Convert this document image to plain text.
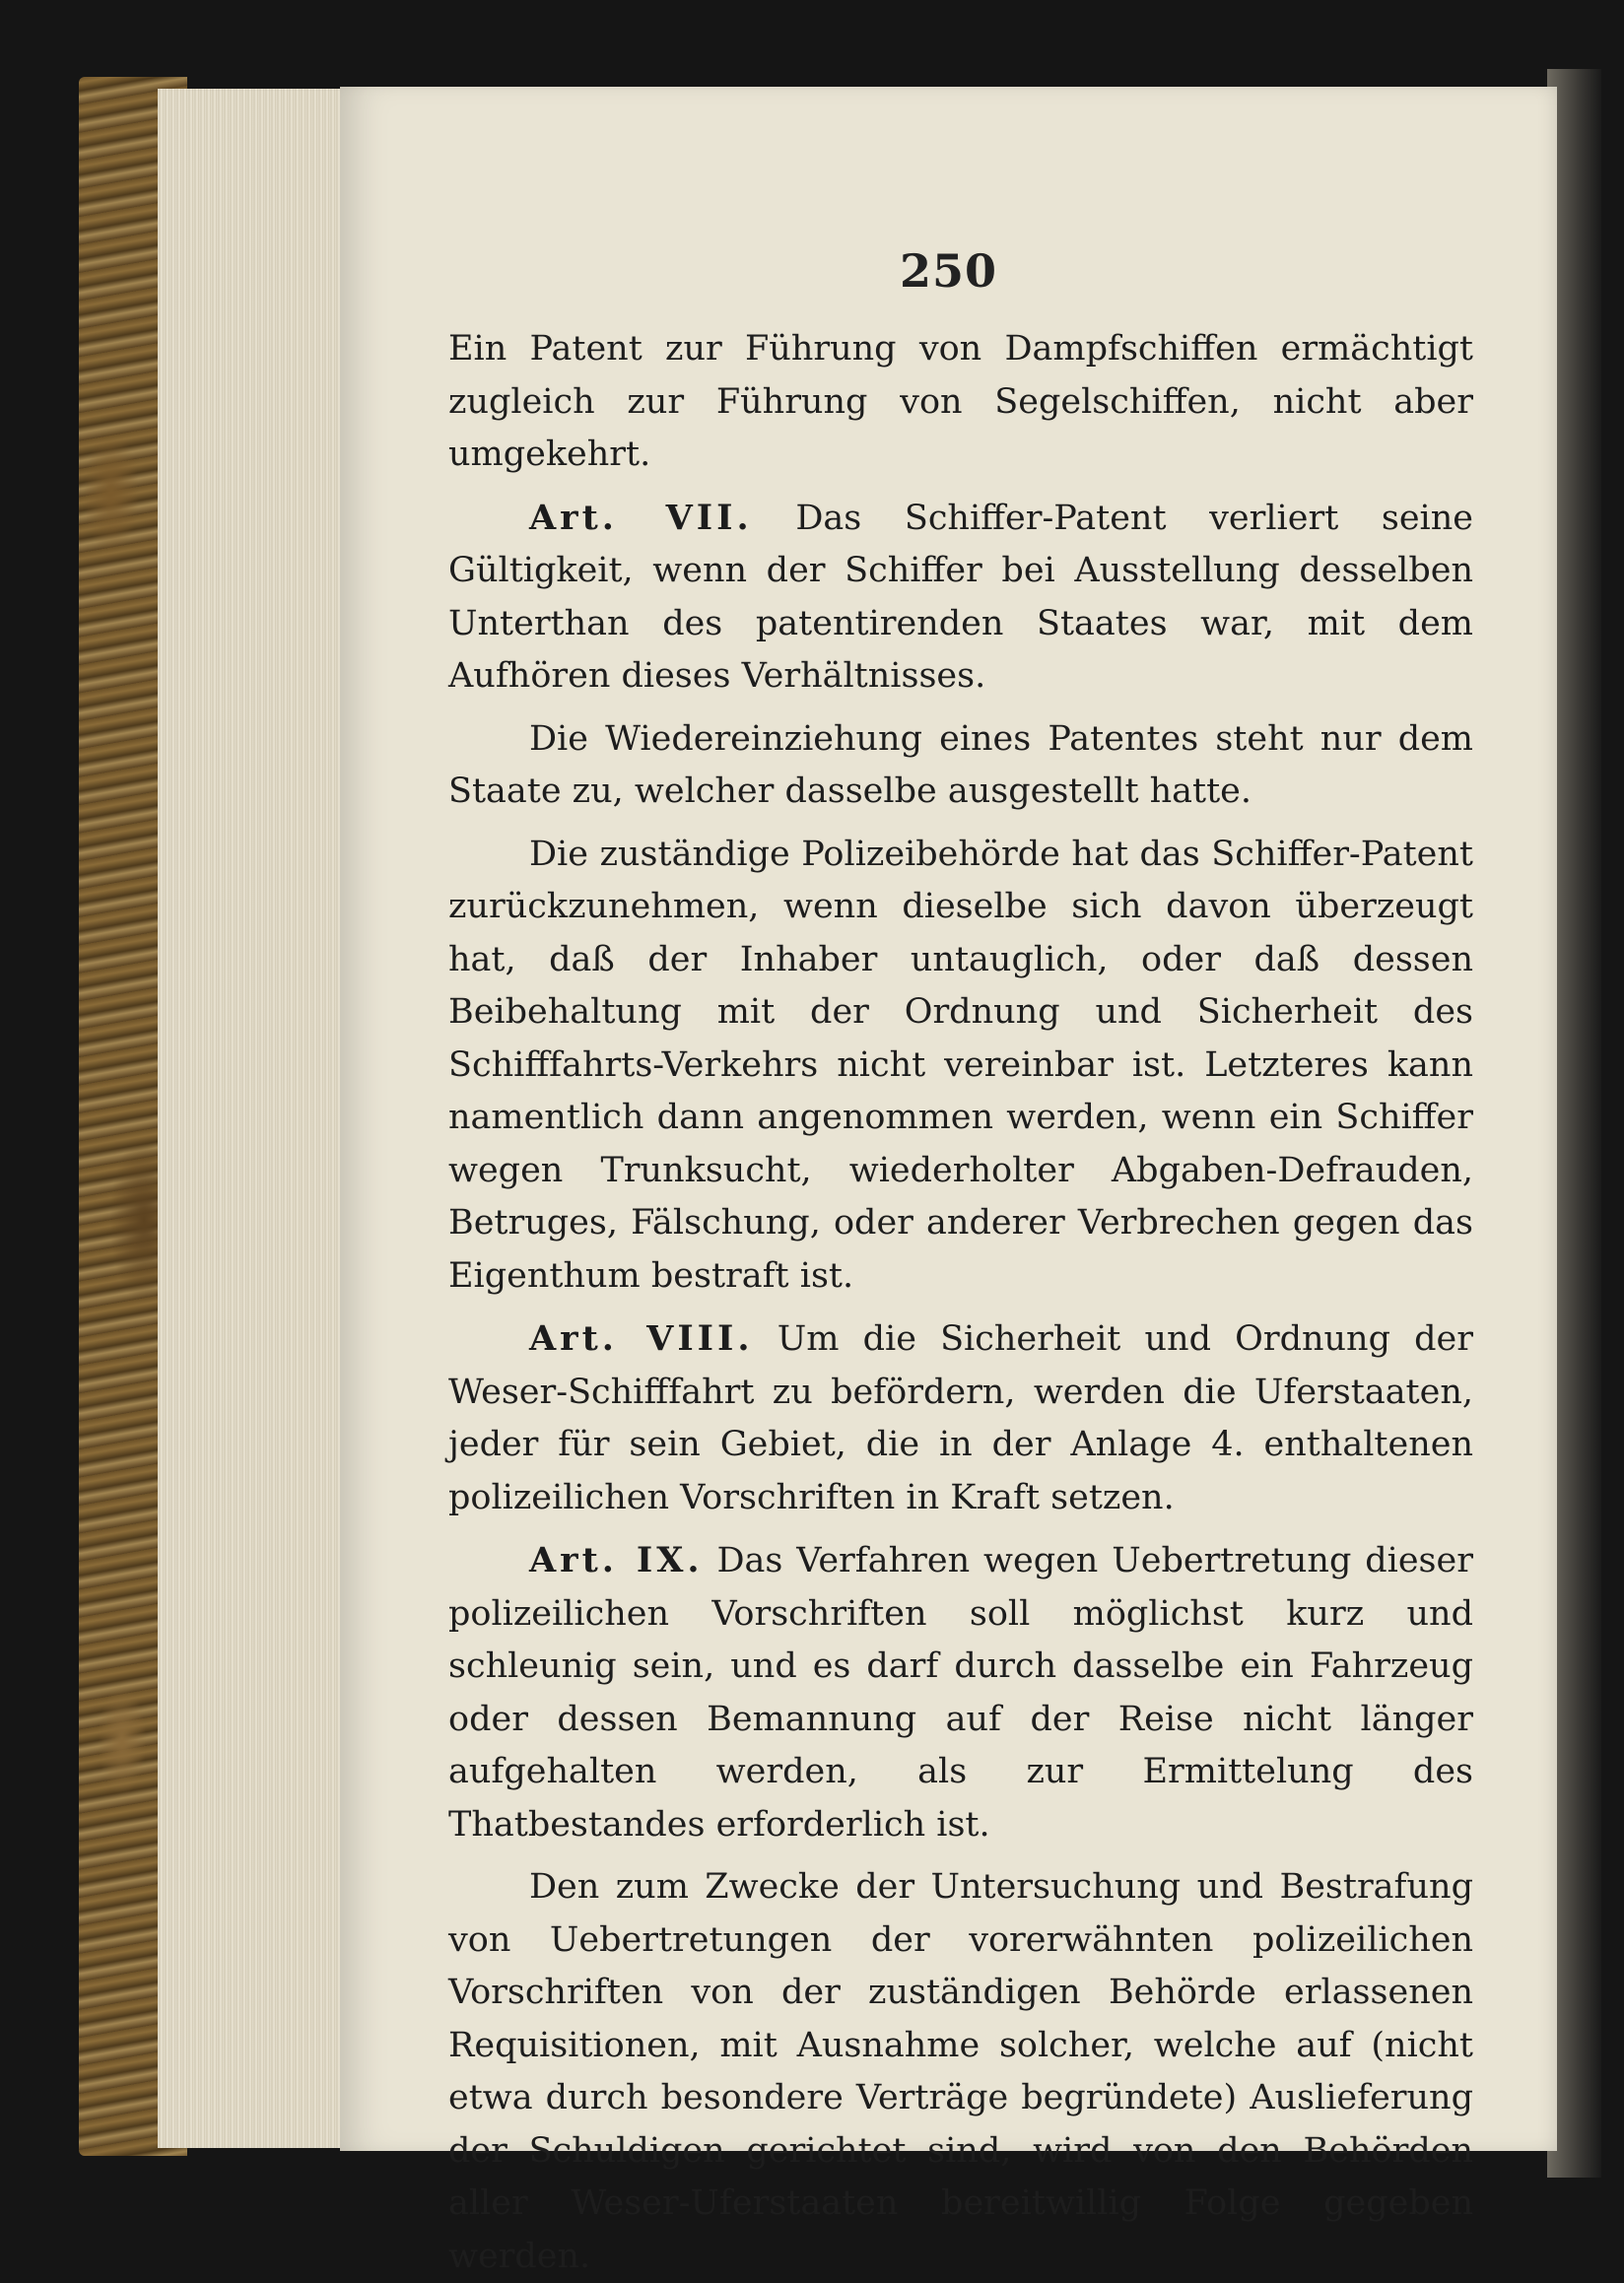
250

Ein Patent zur Führung von Dampfschiffen ermächtigt zugleich zur Führung von Segelschiffen, nicht aber umgekehrt.

Art. VII. Das Schiffer-Patent verliert seine Gültigkeit, wenn der Schiffer bei Ausstellung desselben Unterthan des patentirenden Staates war, mit dem Aufhören dieses Verhältnisses.

Die Wiedereinziehung eines Patentes steht nur dem Staate zu, welcher dasselbe ausgestellt hatte.

Die zuständige Polizeibehörde hat das Schiffer-Patent zurückzunehmen, wenn dieselbe sich davon überzeugt hat, daß der Inhaber untauglich, oder daß dessen Beibehaltung mit der Ordnung und Sicherheit des Schifffahrts-Verkehrs nicht vereinbar ist. Letzteres kann namentlich dann angenommen werden, wenn ein Schiffer wegen Trunksucht, wiederholter Abgaben-Defrauden, Betruges, Fälschung, oder anderer Verbrechen gegen das Eigenthum bestraft ist.

Art. VIII. Um die Sicherheit und Ordnung der Weser-Schifffahrt zu befördern, werden die Uferstaaten, jeder für sein Gebiet, die in der Anlage 4. enthaltenen polizeilichen Vorschriften in Kraft setzen.

Art. IX. Das Verfahren wegen Uebertretung dieser polizeilichen Vorschriften soll möglichst kurz und schleunig sein, und es darf durch dasselbe ein Fahrzeug oder dessen Bemannung auf der Reise nicht länger aufgehalten werden, als zur Ermittelung des Thatbestandes erforderlich ist.

Den zum Zwecke der Untersuchung und Bestrafung von Uebertretungen der vorerwähnten polizeilichen Vorschriften von der zuständigen Behörde erlassenen Requisitionen, mit Ausnahme solcher, welche auf (nicht etwa durch besondere Verträge begründete) Auslieferung der Schuldigen gerichtet sind, wird von den Behörden aller Weser-Uferstaaten bereitwillig Folge gegeben werden.
